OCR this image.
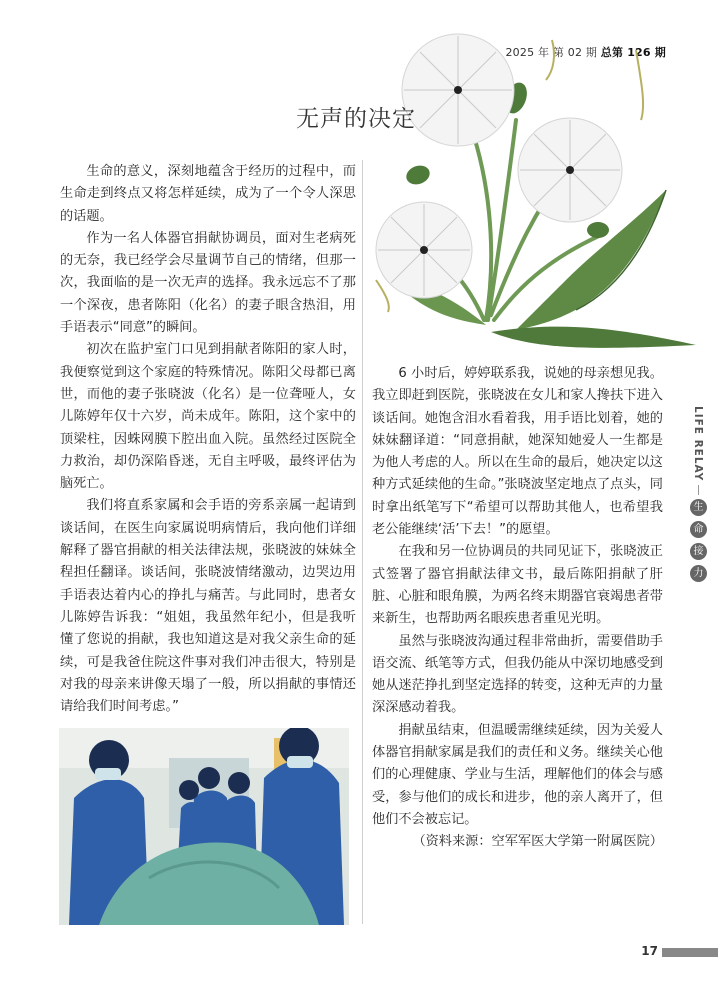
2025 年 第 02 期 总第 126 期
无声的决定

生命的意义，深刻地蕴含于经历的过程中，而生命走到终点又将怎样延续，成为了一个令人深思的话题。

作为一名人体器官捐献协调员，面对生老病死的无奈，我已经学会尽量调节自己的情绪，但那一次，我面临的是一次无声的选择。我永远忘不了那一个深夜，患者陈阳（化名）的妻子眼含热泪，用手语表示“同意”的瞬间。

初次在监护室门口见到捐献者陈阳的家人时，我便察觉到这个家庭的特殊情况。陈阳父母都已离世，而他的妻子张晓波（化名）是一位聋哑人，女儿陈婷年仅十六岁，尚未成年。陈阳，这个家中的顶梁柱，因蛛网膜下腔出血入院。虽然经过医院全力救治，却仍深陷昏迷，无自主呼吸，最终评估为脑死亡。

我们将直系家属和会手语的旁系亲属一起请到谈话间，在医生向家属说明病情后，我向他们详细解释了器官捐献的相关法律法规，张晓波的妹妹全程担任翻译。谈话间，张晓波情绪激动，边哭边用手语表达着内心的挣扎与痛苦。与此同时，患者女儿陈婷告诉我：“姐姐，我虽然年纪小，但是我听懂了您说的捐献，我也知道这是对我父亲生命的延续，可是我爸住院这件事对我们冲击很大，特别是对我的母亲来讲像天塌了一般，所以捐献的事情还请给我们时间考虑。”

6 小时后，婷婷联系我，说她的母亲想见我。我立即赶到医院，张晓波在女儿和家人搀扶下进入谈话间。她饱含泪水看着我，用手语比划着，她的妹妹翻译道：“同意捐献，她深知她爱人一生都是为他人考虑的人。所以在生命的最后，她决定以这种方式延续他的生命。”张晓波坚定地点了点头，同时拿出纸笔写下“希望可以帮助其他人，也希望我老公能继续‘活’下去！”的愿望。

在我和另一位协调员的共同见证下，张晓波正式签署了器官捐献法律文书，最后陈阳捐献了肝脏、心脏和眼角膜，为两名终末期器官衰竭患者带来新生，也帮助两名眼疾患者重见光明。

虽然与张晓波沟通过程非常曲折，需要借助手语交流、纸笔等方式，但我仍能从中深切地感受到她从迷茫挣扎到坚定选择的转变，这种无声的力量深深感动着我。

捐献虽结束，但温暖需继续延续，因为关爱人体器官捐献家属是我们的责任和义务。继续关心他们的心理健康、学业与生活，理解他们的体会与感受，参与他们的成长和进步，他的亲人离开了，但他们不会被忘记。

（资料来源：空军军医大学第一附属医院）

LIFE RELAY
生
命
接
力
17
